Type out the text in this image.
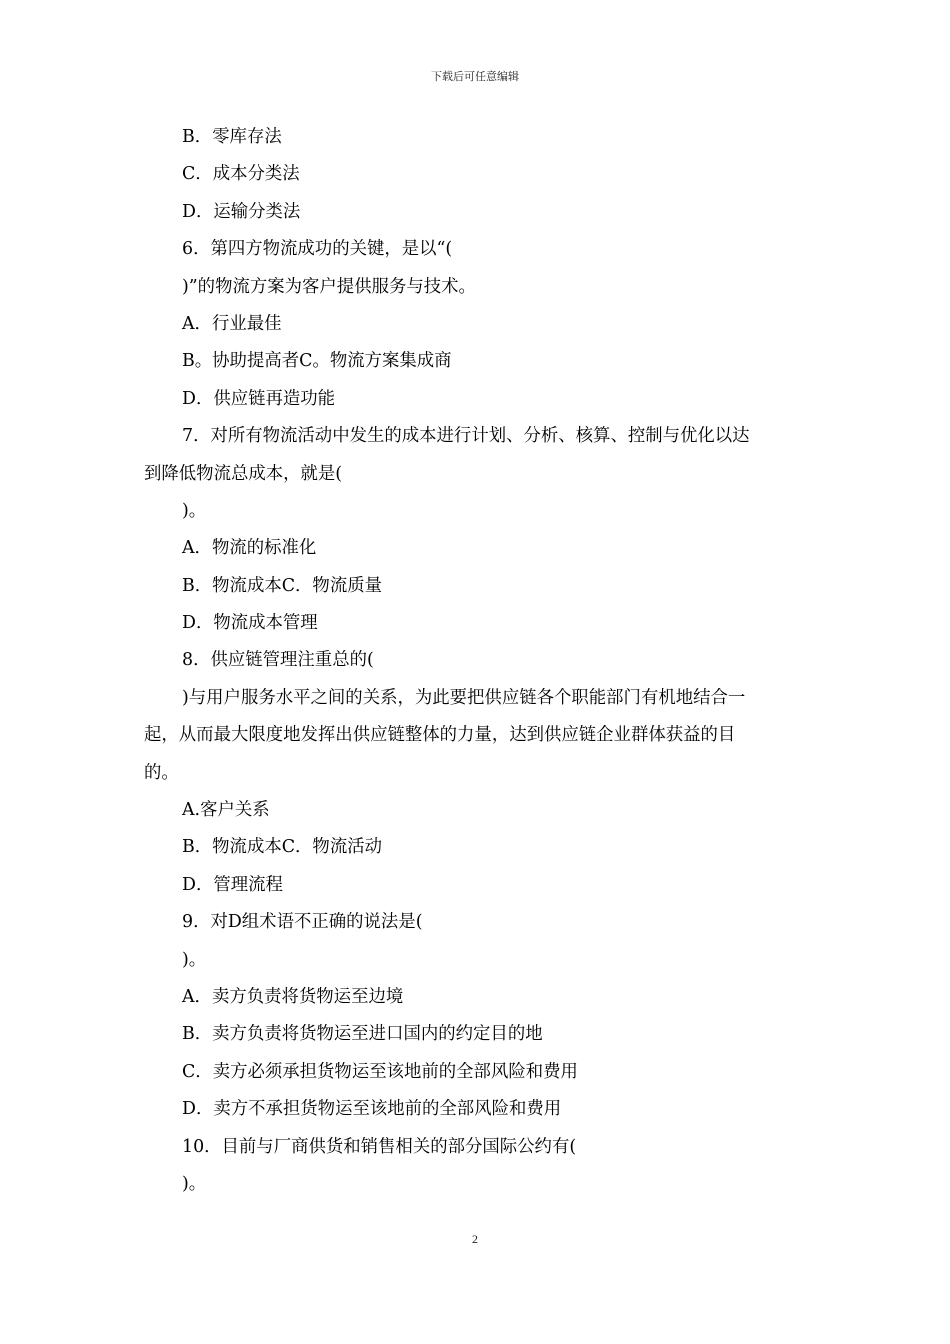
下载后可任意编辑
B．零库存法
C．成本分类法
D．运输分类法
6．第四方物流成功的关键，是以“(
)”的物流方案为客户提供服务与技术。
A．行业最佳
B。协助提高者C。物流方案集成商
D．供应链再造功能
7．对所有物流活动中发生的成本进行计划、分析、核算、控制与优化以达
到降低物流总成本，就是(
)。
A．物流的标准化
B．物流成本C．物流质量
D．物流成本管理
8．供应链管理注重总的(
)与用户服务水平之间的关系，为此要把供应链各个职能部门有机地结合一
起，从而最大限度地发挥出供应链整体的力量，达到供应链企业群体获益的目
的。
A.客户关系
B．物流成本C．物流活动
D．管理流程
9．对D组术语不正确的说法是(
)。
A．卖方负责将货物运至边境
B．卖方负责将货物运至进口国内的约定目的地
C．卖方必须承担货物运至该地前的全部风险和费用
D．卖方不承担货物运至该地前的全部风险和费用
10．目前与厂商供货和销售相关的部分国际公约有(
)。
2
